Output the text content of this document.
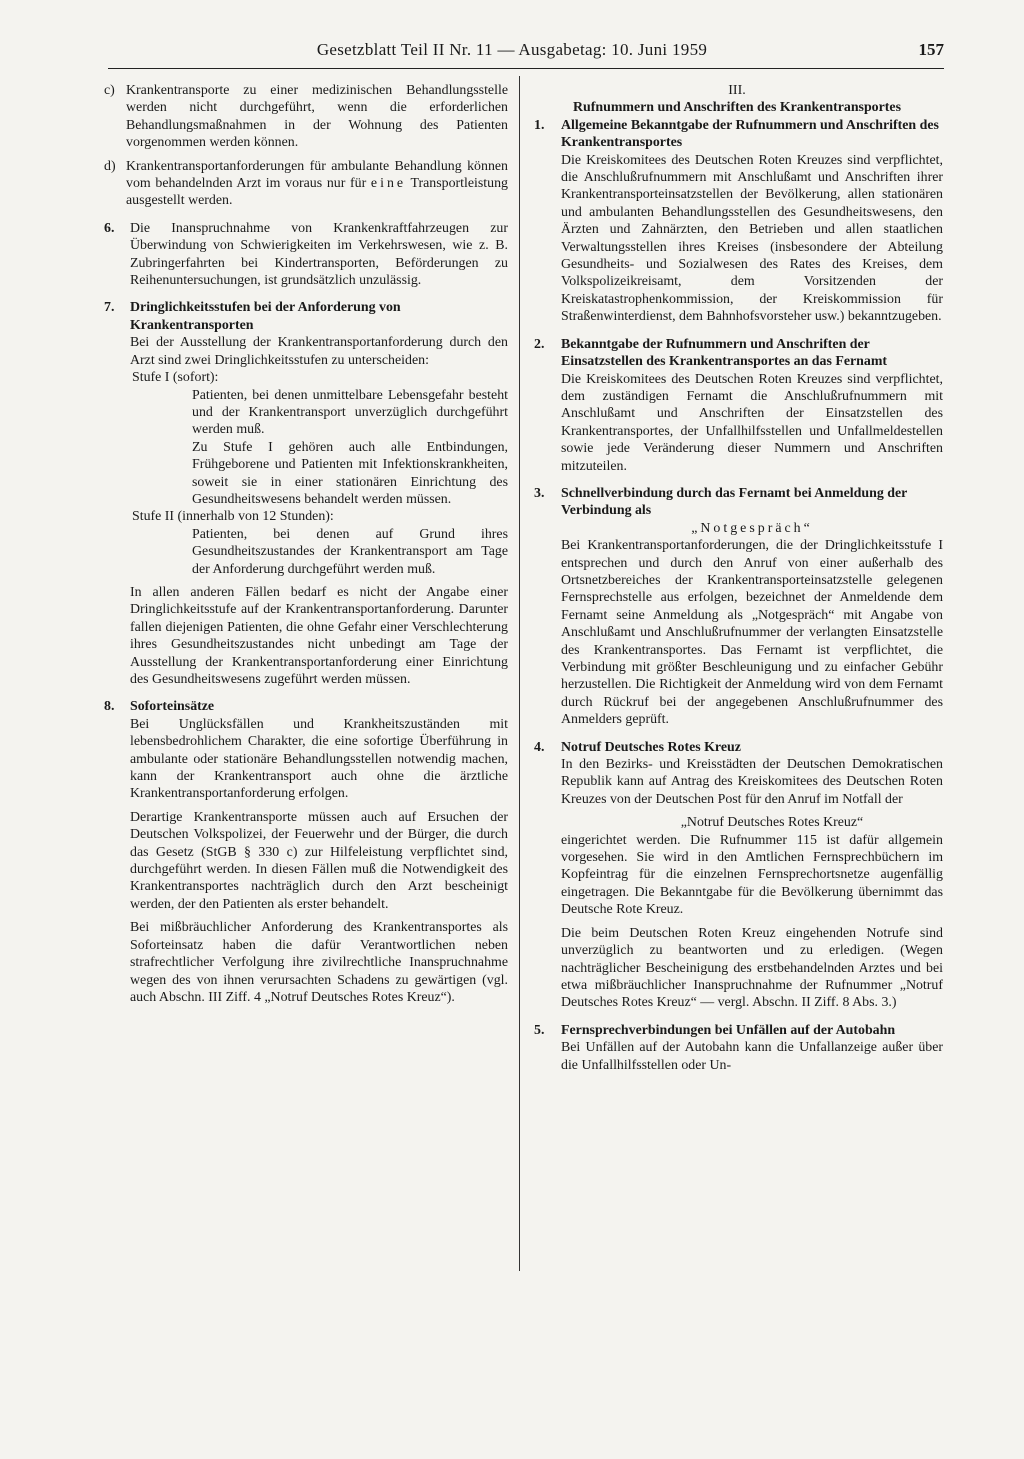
Gesetzblatt Teil II Nr. 11 — Ausgabetag: 10. Juni 1959	157
c) Krankentransporte zu einer medizinischen Behandlungsstelle werden nicht durchgeführt, wenn die erforderlichen Behandlungsmaßnahmen in der Wohnung des Patienten vorgenommen werden können.

d) Krankentransportanforderungen für ambulante Behandlung können vom behandelnden Arzt im voraus nur für eine Transportleistung ausgestellt werden.

6. Die Inanspruchnahme von Krankenkraftfahrzeugen zur Überwindung von Schwierigkeiten im Verkehrswesen, wie z. B. Zubringerfahrten bei Kindertransporten, Beförderungen zu Reihenuntersuchungen, ist grundsätzlich unzulässig.

7. Dringlichkeitsstufen bei der Anforderung von Krankentransporten

Bei der Ausstellung der Krankentransportanforderung durch den Arzt sind zwei Dringlichkeitsstufen zu unterscheiden:

Stufe I (sofort):

Patienten, bei denen unmittelbare Lebensgefahr besteht und der Krankentransport unverzüglich durchgeführt werden muß.

Zu Stufe I gehören auch alle Entbindungen, Frühgeborene und Patienten mit Infektionskrankheiten, soweit sie in einer stationären Einrichtung des Gesundheitswesens behandelt werden müssen.

Stufe II (innerhalb von 12 Stunden):

Patienten, bei denen auf Grund ihres Gesundheitszustandes der Krankentransport am Tage der Anforderung durchgeführt werden muß.

In allen anderen Fällen bedarf es nicht der Angabe einer Dringlichkeitsstufe auf der Krankentransportanforderung. Darunter fallen diejenigen Patienten, die ohne Gefahr einer Verschlechterung ihres Gesundheitszustandes nicht unbedingt am Tage der Ausstellung der Krankentransportanforderung einer Einrichtung des Gesundheitswesens zugeführt werden müssen.

8. Soforteinsätze

Bei Unglücksfällen und Krankheitszuständen mit lebensbedrohlichem Charakter, die eine sofortige Überführung in ambulante oder stationäre Behandlungsstellen notwendig machen, kann der Krankentransport auch ohne die ärztliche Krankentransportanforderung erfolgen.

Derartige Krankentransporte müssen auch auf Ersuchen der Deutschen Volkspolizei, der Feuerwehr und der Bürger, die durch das Gesetz (StGB § 330 c) zur Hilfeleistung verpflichtet sind, durchgeführt werden. In diesen Fällen muß die Notwendigkeit des Krankentransportes nachträglich durch den Arzt bescheinigt werden, der den Patienten als erster behandelt.

Bei mißbräuchlicher Anforderung des Krankentransportes als Soforteinsatz haben die dafür Verantwortlichen neben strafrechtlicher Verfolgung ihre zivilrechtliche Inanspruchnahme wegen des von ihnen verursachten Schadens zu gewärtigen (vgl. auch Abschn. III Ziff. 4 „Notruf Deutsches Rotes Kreuz“).

III.

Rufnummern und Anschriften des Krankentransportes

1. Allgemeine Bekanntgabe der Rufnummern und Anschriften des Krankentransportes

Die Kreiskomitees des Deutschen Roten Kreuzes sind verpflichtet, die Anschlußrufnummern mit Anschlußamt und Anschriften ihrer Krankentransporteinsatzstellen der Bevölkerung, allen stationären und ambulanten Behandlungsstellen des Gesundheitswesens, den Ärzten und Zahnärzten, den Betrieben und allen staatlichen Verwaltungsstellen ihres Kreises (insbesondere der Abteilung Gesundheits- und Sozialwesen des Rates des Kreises, dem Volkspolizeikreisamt, dem Vorsitzenden der Kreiskatastrophenkommission, der Kreiskommission für Straßenwinterdienst, dem Bahnhofsvorsteher usw.) bekanntzugeben.

2. Bekanntgabe der Rufnummern und Anschriften der Einsatzstellen des Krankentransportes an das Fernamt

Die Kreiskomitees des Deutschen Roten Kreuzes sind verpflichtet, dem zuständigen Fernamt die Anschlußrufnummern mit Anschlußamt und Anschriften der Einsatzstellen des Krankentransportes, der Unfallhilfsstellen und Unfallmeldestellen sowie jede Veränderung dieser Nummern und Anschriften mitzuteilen.

3. Schnellverbindung durch das Fernamt bei Anmeldung der Verbindung als

„Notgespräch“

Bei Krankentransportanforderungen, die der Dringlichkeitsstufe I entsprechen und durch den Anruf von einer außerhalb des Ortsnetzbereiches der Krankentransporteinsatzstelle gelegenen Fernsprechstelle aus erfolgen, bezeichnet der Anmeldende dem Fernamt seine Anmeldung als „Notgespräch“ mit Angabe von Anschlußamt und Anschlußrufnummer der verlangten Einsatzstelle des Krankentransportes. Das Fernamt ist verpflichtet, die Verbindung mit größter Beschleunigung und zu einfacher Gebühr herzustellen. Die Richtigkeit der Anmeldung wird von dem Fernamt durch Rückruf bei der angegebenen Anschlußrufnummer des Anmelders geprüft.

4. Notruf Deutsches Rotes Kreuz

In den Bezirks- und Kreisstädten der Deutschen Demokratischen Republik kann auf Antrag des Kreiskomitees des Deutschen Roten Kreuzes von der Deutschen Post für den Anruf im Notfall der

„Notruf Deutsches Rotes Kreuz“

eingerichtet werden. Die Rufnummer 115 ist dafür allgemein vorgesehen. Sie wird in den Amtlichen Fernsprechbüchern im Kopfeintrag für die einzelnen Fernsprechortsnetze augenfällig eingetragen. Die Bekanntgabe für die Bevölkerung übernimmt das Deutsche Rote Kreuz.

Die beim Deutschen Roten Kreuz eingehenden Notrufe sind unverzüglich zu beantworten und zu erledigen. (Wegen nachträglicher Bescheinigung des erstbehandelnden Arztes und bei etwa mißbräuchlicher Inanspruchnahme der Rufnummer „Notruf Deutsches Rotes Kreuz“ — vergl. Abschn. II Ziff. 8 Abs. 3.)

5. Fernsprechverbindungen bei Unfällen auf der Autobahn

Bei Unfällen auf der Autobahn kann die Unfallanzeige außer über die Unfallhilfsstellen oder Un-
